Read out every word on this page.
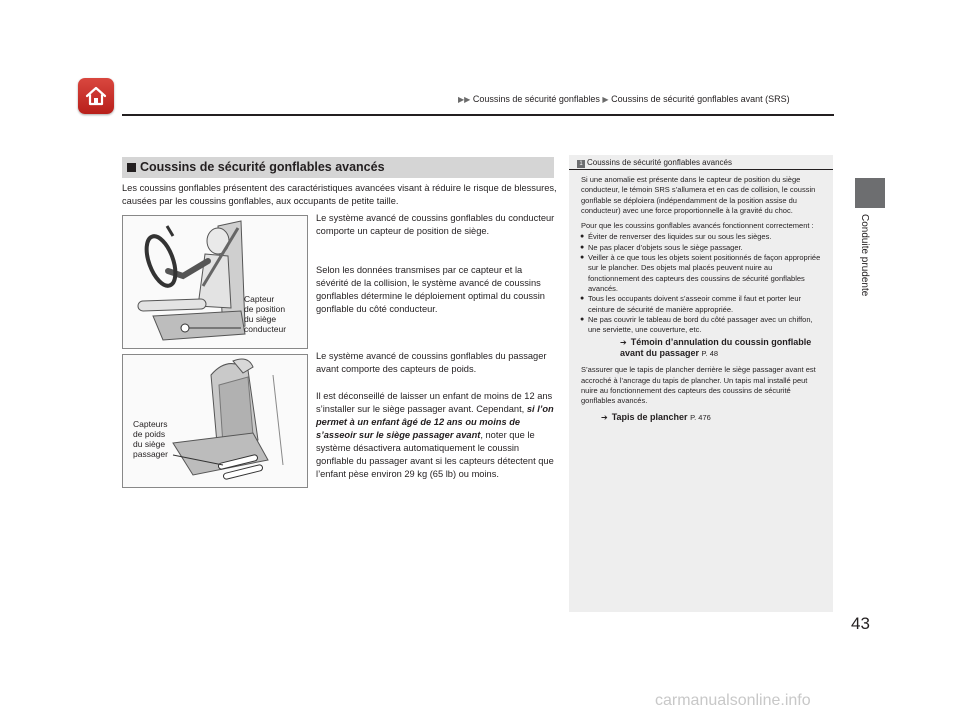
▶▶ Coussins de sécurité gonflables ▶ Coussins de sécurité gonflables avant (SRS)
Conduite prudente
43
Coussins de sécurité gonflables avancés
Les coussins gonflables présentent des caractéristiques avancées visant à réduire le risque de blessures, causées par les coussins gonflables, aux occupants de petite taille.
Capteur
de position
du siège
conducteur
Capteurs
de poids
du siège
passager
Le système avancé de coussins gonflables du conducteur comporte un capteur de position de siège.
Selon les données transmises par ce capteur et la sévérité de la collision, le système avancé de coussins gonflables détermine le déploiement optimal du coussin gonflable du côté conducteur.
Le système avancé de coussins gonflables du passager avant comporte des capteurs de poids.
Il est déconseillé de laisser un enfant de moins de 12 ans s’installer sur le siège passager avant. Cependant, si l’on permet à un enfant âgé de 12 ans ou moins de s’asseoir sur le siège passager avant, noter que le système désactivera automatiquement le coussin gonflable du passager avant si les capteurs détectent que l’enfant pèse environ 29 kg (65 lb) ou moins.
1 Coussins de sécurité gonflables avancés

Si une anomalie est présente dans le capteur de position du siège conducteur, le témoin SRS s’allumera et en cas de collision, le coussin gonflable se déploiera (indépendamment de la position assise du conducteur) avec une force proportionnelle à la gravité du choc.

Pour que les coussins gonflables avancés fonctionnent correctement :

● Éviter de renverser des liquides sur ou sous les sièges.
● Ne pas placer d’objets sous le siège passager.
● Veiller à ce que tous les objets soient positionnés de façon appropriée sur le plancher. Des objets mal placés peuvent nuire au fonctionnement des capteurs des coussins de sécurité gonflables avancés.
● Tous les occupants doivent s’asseoir comme il faut et porter leur ceinture de sécurité de manière appropriée.
● Ne pas couvrir le tableau de bord du côté passager avec un chiffon, une serviette, une couverture, etc.
➔ Témoin d’annulation du coussin gonflable avant du passager P. 48

S’assurer que le tapis de plancher derrière le siège passager avant est accroché à l’ancrage du tapis de plancher. Un tapis mal installé peut nuire au fonctionnement des capteurs des coussins de sécurité gonflables avancés.

➔ Tapis de plancher P. 476
carmanualsonline.info
